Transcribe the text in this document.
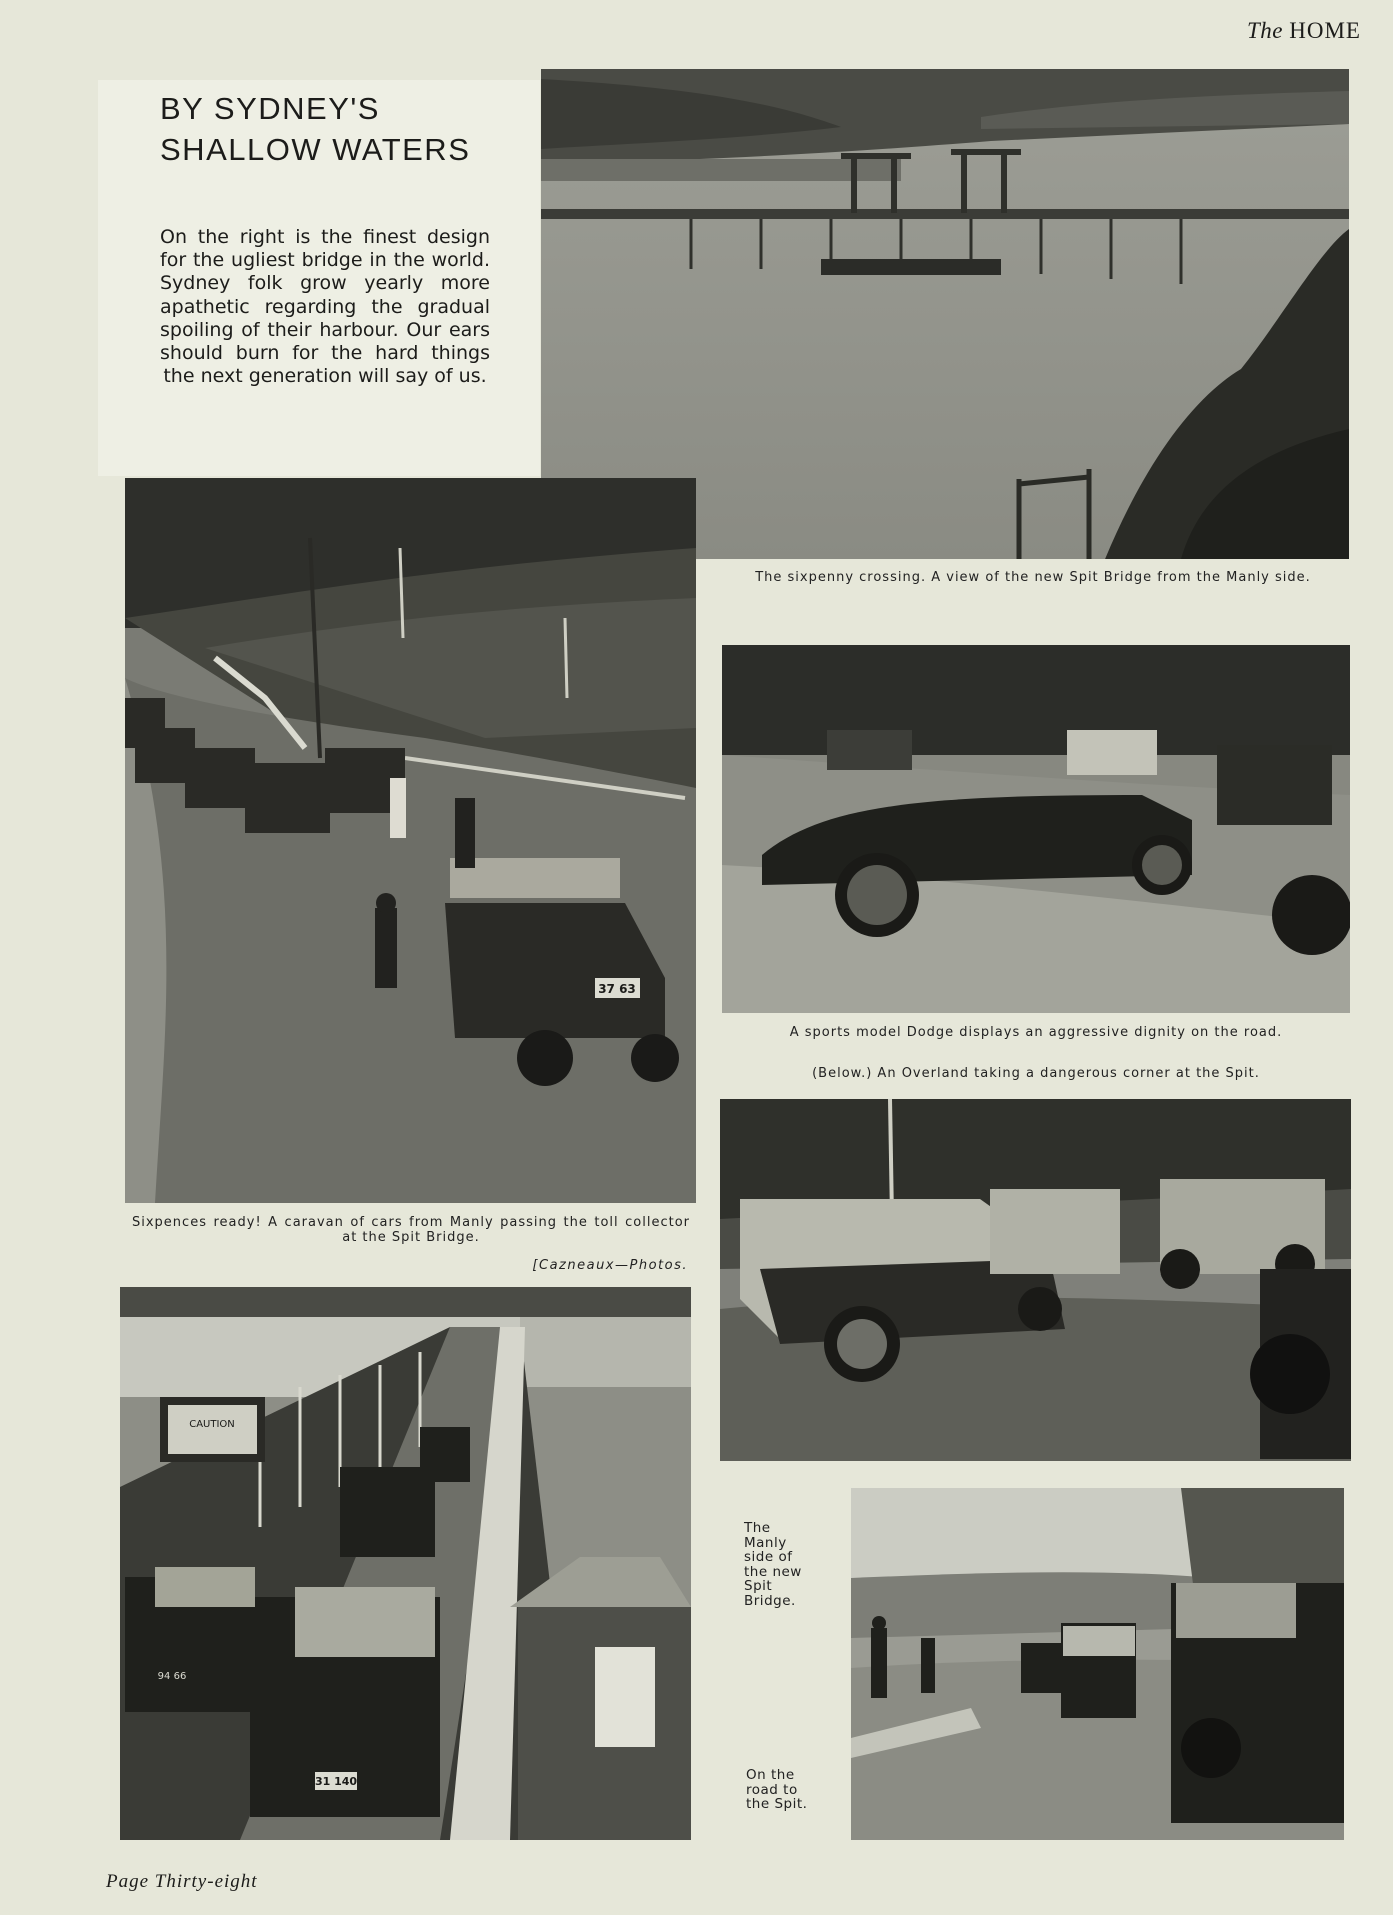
The HOME
BY SYDNEY'S
SHALLOW WATERS
On the right is the finest design for the ugliest bridge in the world. Sydney folk grow yearly more apathetic regarding the gradual spoiling of their harbour. Our ears should burn for the hard things the next generation will say of us.
The sixpenny crossing. A view of the new Spit Bridge from the Manly side.
37 63
Sixpences ready! A caravan of cars from Manly passing the toll collector at the Spit Bridge.
[Cazneaux—Photos.
A sports model Dodge displays an aggressive dignity on the road.
(Below.) An Overland taking a dangerous corner at the Spit.
CAUTION
31 140
94 66
The Manly side of the new Spit Bridge.
On the road to the Spit.
Page Thirty-eight
